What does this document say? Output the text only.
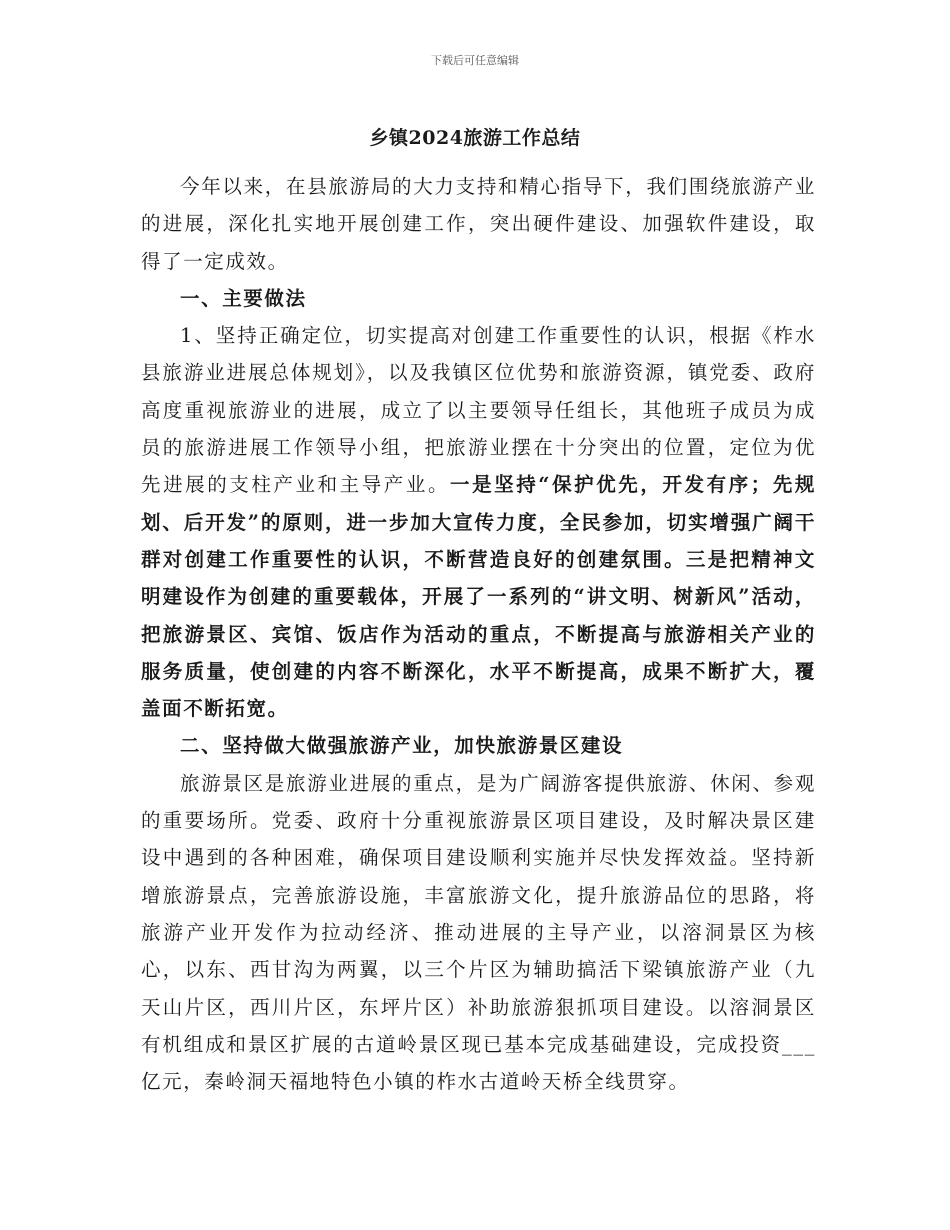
下载后可任意编辑
乡镇2024旅游工作总结

今年以来，在县旅游局的大力支持和精心指导下，我们围绕旅游产业的进展，深化扎实地开展创建工作，突出硬件建设、加强软件建设，取得了一定成效。

一、主要做法

1、坚持正确定位，切实提高对创建工作重要性的认识，根据《柞水县旅游业进展总体规划》，以及我镇区位优势和旅游资源，镇党委、政府高度重视旅游业的进展，成立了以主要领导任组长，其他班子成员为成员的旅游进展工作领导小组，把旅游业摆在十分突出的位置，定位为优先进展的支柱产业和主导产业。一是坚持“保护优先，开发有序；先规划、后开发”的原则，进一步加大宣传力度，全民参加，切实增强广阔干群对创建工作重要性的认识，不断营造良好的创建氛围。三是把精神文明建设作为创建的重要载体，开展了一系列的“讲文明、树新风”活动，把旅游景区、宾馆、饭店作为活动的重点，不断提高与旅游相关产业的服务质量，使创建的内容不断深化，水平不断提高，成果不断扩大，覆盖面不断拓宽。

二、坚持做大做强旅游产业，加快旅游景区建设

旅游景区是旅游业进展的重点，是为广阔游客提供旅游、休闲、参观的重要场所。党委、政府十分重视旅游景区项目建设，及时解决景区建设中遇到的各种困难，确保项目建设顺利实施并尽快发挥效益。坚持新增旅游景点，完善旅游设施，丰富旅游文化，提升旅游品位的思路，将旅游产业开发作为拉动经济、推动进展的主导产业，以溶洞景区为核心，以东、西甘沟为两翼，以三个片区为辅助搞活下梁镇旅游产业（九天山片区，西川片区，东坪片区）补助旅游狠抓项目建设。以溶洞景区有机组成和景区扩展的古道岭景区现已基本完成基础建设，完成投资___亿元，秦岭洞天福地特色小镇的柞水古道岭天桥全线贯穿。
